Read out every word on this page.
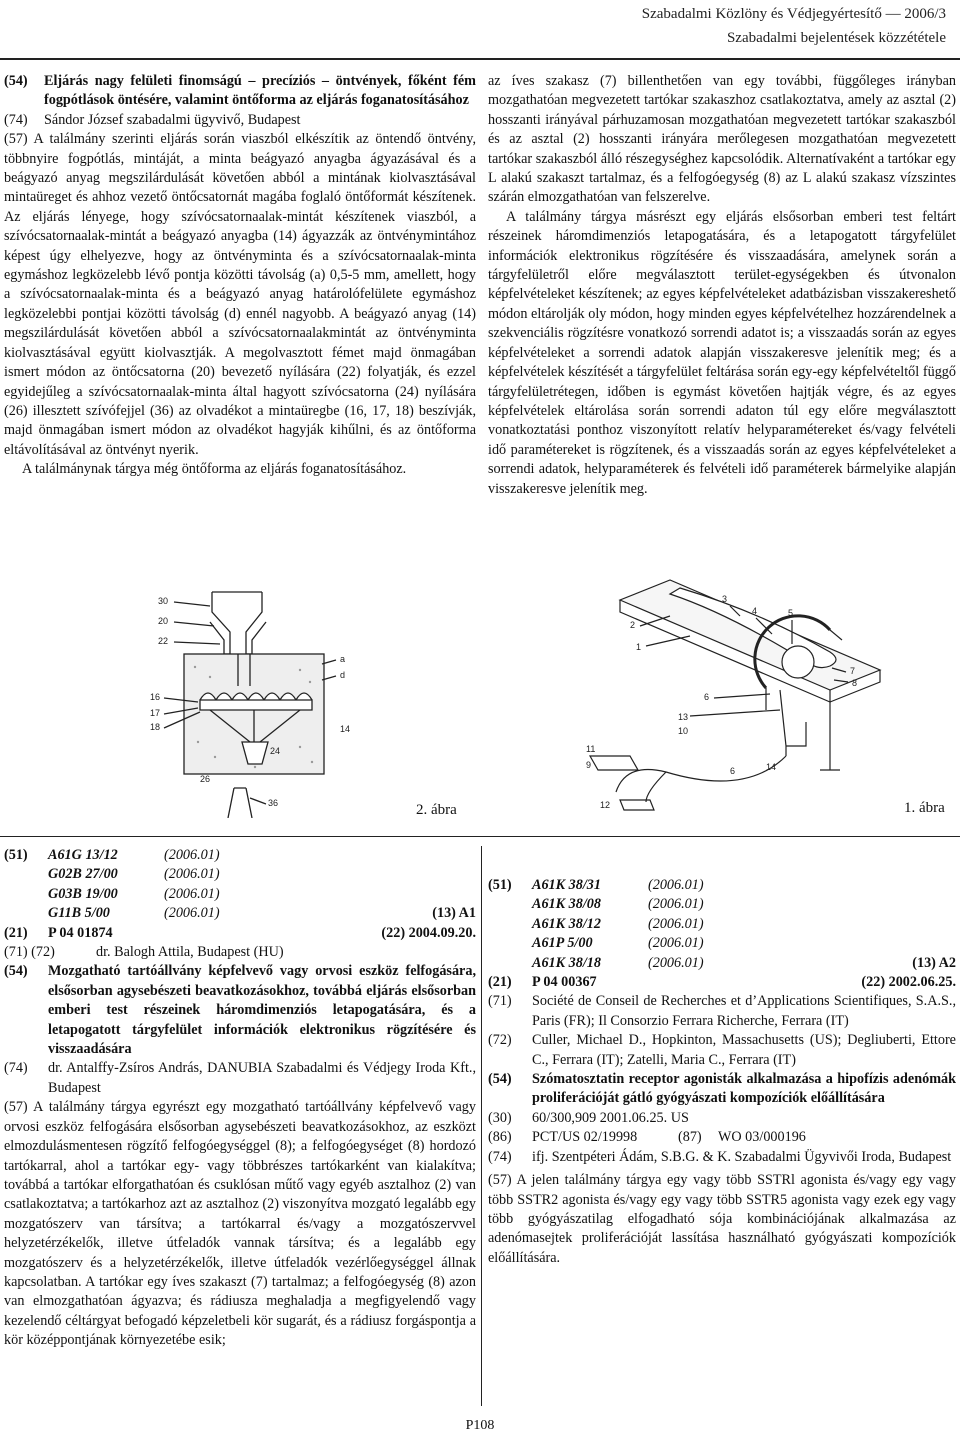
Szabadalmi Közlöny és Védjegyértesítő — 2006/3
Szabadalmi bejelentések közzététele
(54)	Eljárás nagy felületi finomságú – precíziós – öntvények, főként fém fogpótlások öntésére, valamint öntőforma az eljárás foganatosításához
(74)	Sándor József szabadalmi ügyvivő, Budapest

(57) A találmány szerinti eljárás során viaszból elkészítik az öntendő öntvény, többnyire fogpótlás, mintáját, a minta beágyazó anyagba ágyazásával és a beágyazó anyag megszilárdulását követően abból a mintának kiolvasztásával mintaüreget és ahhoz vezető öntőcsatornát magába foglaló öntőformát készítenek. Az eljárás lényege, hogy szívócsatornaalak-mintát készítenek viaszból, a szívócsatornaalak-mintát a beágyazó anyagba (14) ágyazzák az öntvénymintához képest úgy elhelyezve, hogy az öntvényminta és a szívócsatornaalak-minta egymáshoz legközelebb lévő pontja közötti távolság (a) 0,5-5 mm, amellett, hogy a szívócsatornaalak-minta és a beágyazó anyag határolófelülete egymáshoz legközelebbi pontjai közötti távolság (d) ennél nagyobb. A beágyazó anyag (14) megszilárdulását követően abból a szívócsatornaalakmintát az öntvényminta kiolvasztásával együtt kiolvasztják. A megolvasztott fémet majd önmagában ismert módon az öntőcsatorna (20) bevezető nyílására (22) folyatják, és ezzel egyidejűleg a szívócsatornaalak-minta által hagyott szívócsatorna (24) nyílására (26) illesztett szívófejjel (36) az olvadékot a mintaüregbe (16, 17, 18) beszívják, majd önmagában ismert módon az olvadékot hagyják kihűlni, és az öntőforma eltávolításával az öntvényt nyerik.

A találmánynak tárgya még öntőforma az eljárás foganatosításához.

az íves szakasz (7) billenthetően van egy további, függőleges irányban mozgathatóan megvezetett tartókar szakaszhoz csatlakoztatva, amely az asztal (2) hosszanti irányával párhuzamosan mozgathatóan megvezetett tartókar szakaszból és az asztal (2) hosszanti irányára merőlegesen mozgathatóan megvezetett tartókar szakaszból álló részegységhez kapcsolódik. Alternatívaként a tartókar egy L alakú szakaszt tartalmaz, és a felfogóegység (8) az L alakú szakasz vízszintes szárán elmozgathatóan van felszerelve.

A találmány tárgya másrészt egy eljárás elsősorban emberi test feltárt részeinek háromdimenziós letapogatására, és a letapogatott tárgyfelület információk elektronikus rögzítésére és visszaadására, amelynek során a tárgyfelületről előre megválasztott terület-egységekben és útvonalon képfelvételeket készítenek; az egyes képfelvételeket adatbázisban visszakereshető módon eltárolják oly módon, hogy minden egyes képfelvételhez hozzárendelnek a szekvenciális rögzítésre vonatkozó sorrendi adatot is; a visszaadás során az egyes képfelvételeket a sorrendi adatok alapján visszakeresve jelenítik meg; és a képfelvételek készítését a tárgyfelület feltárása során egy-egy képfelvételtől függő tárgyfelületrétegen, időben is egymást követően hajtják végre, és az egyes képfelvételek eltárolása során sorrendi adaton túl egy előre megválasztott vonatkoztatási ponthoz viszonyított relatív helyparamétereket és/vagy felvételi idő paramétereket is rögzítenek, és a visszaadás során az egyes képfelvételeket a sorrendi adatok, helyparaméterek és felvételi idő paraméterek bármelyike alapján visszakeresve jelenítik meg.

30
20
22
a
d
16
17
18	14
26
24
36	2. ábra
4
3
5
7
8
2
1
6
13
10
11
9	14
12
6
1. ábra
(51)	A61G 13/12	(2006.01)
G02B 27/00	(2006.01)
G03B 19/00	(2006.01)
G11B 5/00	(2006.01)	(13) A1
(21)	P 04 01874	(22) 2004.09.20.
(71) (72)	dr. Balogh Attila, Budapest (HU)
(54)	Mozgatható tartóállvány képfelvevő vagy orvosi eszköz felfogására, elsősorban agysebészeti beavatkozásokhoz, továbbá eljárás elsősorban emberi test részeinek háromdimenziós letapogatására, és a letapogatott tárgyfelület információk elektronikus rögzítésére és visszaadására
(74)	dr. Antalffy-Zsíros András, DANUBIA Szabadalmi és Védjegy Iroda Kft., Budapest

(57) A találmány tárgya egyrészt egy mozgatható tartóállvány képfelvevő vagy orvosi eszköz felfogására elsősorban agysebészeti beavatkozásokhoz, az eszközt elmozdulásmentesen rögzítő felfogóegységgel (8); a felfogóegységet (8) hordozó tartókarral, ahol a tartókar egy- vagy többrészes tartókarként van kialakítva; továbbá a tartókar elforgathatóan és csuklósan műtő vagy egyéb asztalhoz (2) van csatlakoztatva; a tartókarhoz azt az asztalhoz (2) viszonyítva mozgató legalább egy mozgatószerv van társítva; a tartókarral és/vagy a mozgatószervvel helyzetérzékelők, illetve útfeladók vannak társítva; és a legalább egy mozgatószerv és a helyzetérzékelők, illetve útfeladók vezérlőegységgel állnak kapcsolatban. A tartókar egy íves szakaszt (7) tartalmaz; a felfogóegység (8) azon van elmozgathatóan ágyazva; és rádiusza meghaladja a megfigyelendő vagy kezelendő céltárgyat befogadó képzeletbeli kör sugarát, és a rádiusz forgáspontja a kör középpontjának környezetébe esik;

(51)	A61K 38/31	(2006.01)
A61K 38/08	(2006.01)
A61K 38/12	(2006.01)
A61P 5/00	(2006.01)
A61K 38/18	(2006.01)	(13) A2
(21)	P 04 00367	(22) 2002.06.25.
(71)	Société de Conseil de Recherches et d’Applications Scientifiques, S.A.S., Paris (FR); Il Consorzio Ferrara Richerche, Ferrara (IT)
(72)	Culler, Michael D., Hopkinton, Massachusetts (US); Degliuberti, Ettore C., Ferrara (IT); Zatelli, Maria C., Ferrara (IT)
(54)	Szómatosztatin receptor agonisták alkalmazása a hipofízis adenómák proliferációját gátló gyógyászati kompozíciók előállítására
(30)	60/300,909 2001.06.25. US
(86)	PCT/US 02/19998	(87)	WO 03/000196
(74)	ifj. Szentpéteri Ádám, S.B.G. & K. Szabadalmi Ügyvivői Iroda, Budapest

(57) A jelen találmány tárgya egy vagy több SSTRl agonista és/vagy egy vagy több SSTR2 agonista és/vagy egy vagy több SSTR5 agonista vagy ezek egy vagy több gyógyászatilag elfogadható sója kombinációjának alkalmazása az adenómasejtek proliferációját lassítása használható gyógyászati kompozíciók előállítására.

P108
